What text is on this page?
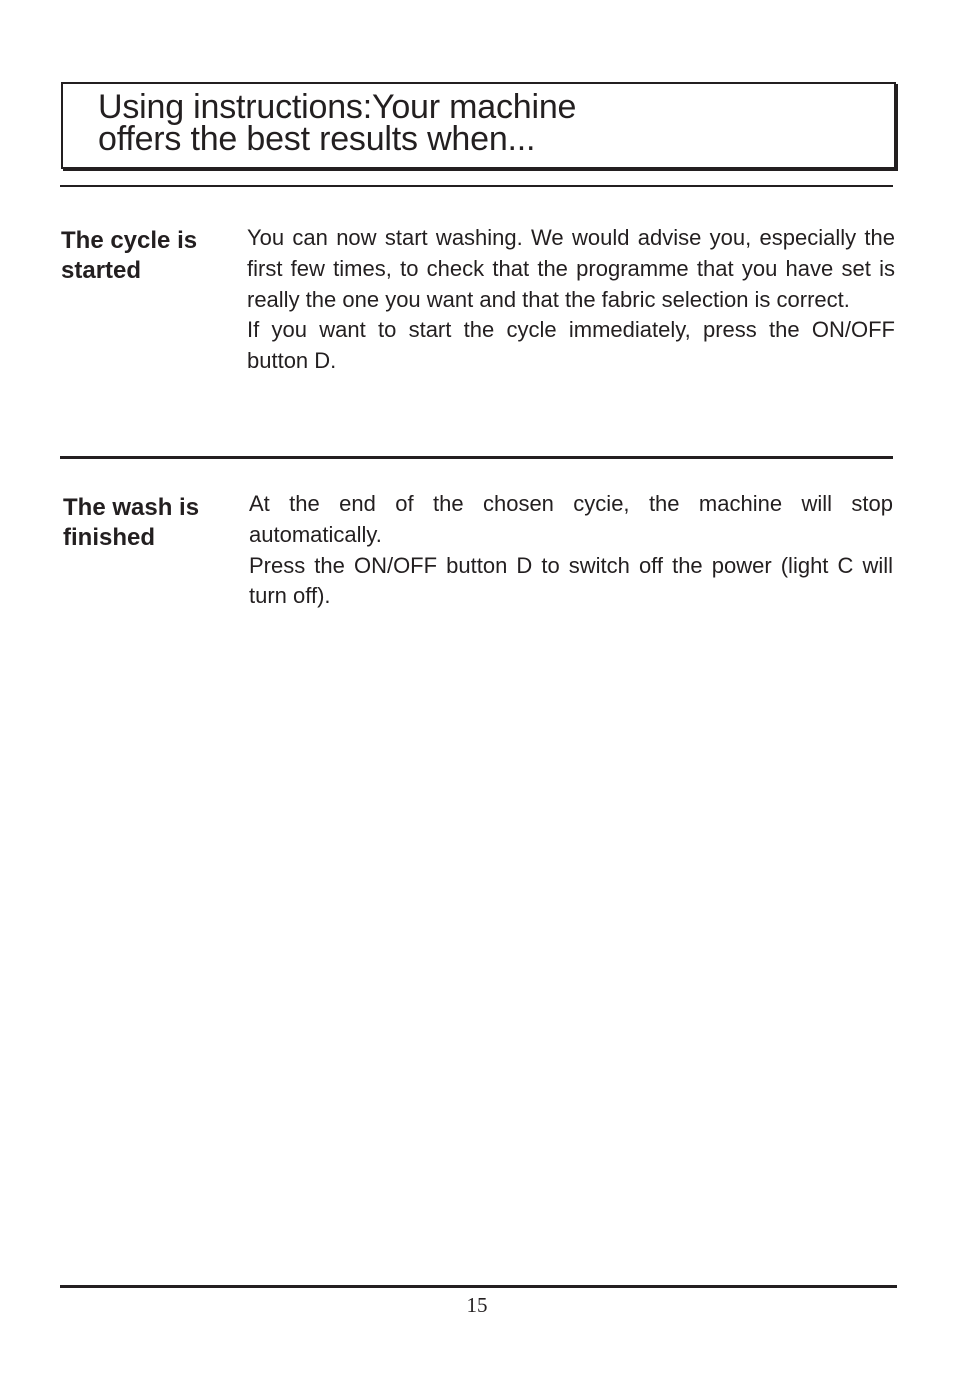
Using instructions:Your machine
offers the best results when...
The cycle is
started

You can now start washing. We would advise you, especially the first few times, to check that the programme that you have set is really the one you want and that the fabric selection is correct.

If you want to start the cycle immediately, press the ON/OFF button D.

The wash is
finished

At the end of the chosen cycie, the machine will stop automatically.

Press the ON/OFF button D to switch off the power (light C will turn off).

15
